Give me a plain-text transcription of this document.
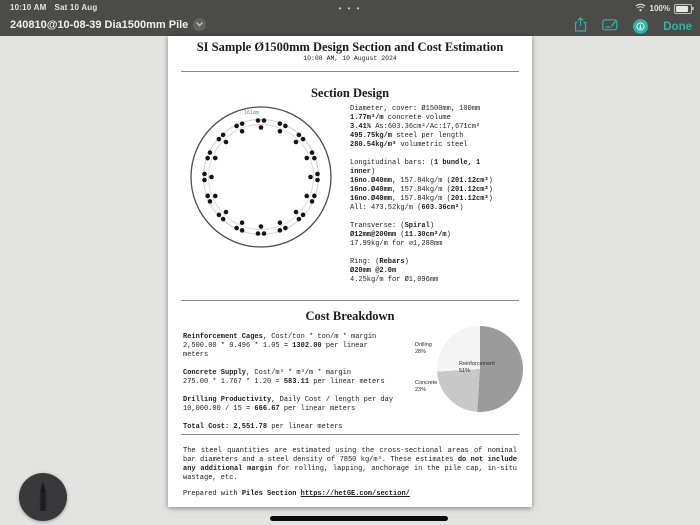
10:10 AM Sat 10 Aug	• • •	100%
240810@10-08-39 Dia1500mm Pile	Done
SI Sample Ø1500mm Design Section and Cost Estimation
10:08 AM, 10 August 2024
Section Design
161mm	Diameter, cover: Ø1500mm, 100mm
1.77m³/m concrete volume
3.41% As:603.36cm²/Ac:17,671cm²
495.75kg/m steel per length
280.54kg/m³ volumetric steel

Longitudinal bars: (1 bundle, 1
inner)
16no.Ø40mm, 157.84kg/m (201.12cm²)
16no.Ø40mm, 157.84kg/m (201.12cm²)
16no.Ø40mm, 157.84kg/m (201.12cm²)
All: 473.52kg/m (603.36cm²)

Transverse: (Spiral)
Ø12mm@200mm (11.30cm²/m)
17.99kg/m for ⌀1,288mm

Ring: (Rebars)
Ø20mm @2.0m
4.25kg/m for Ø1,096mm
Cost Breakdown
Reinforcement Cages, Cost/ton * ton/m * margin
2,500.00 * 0.496 * 1.05 = 1302.00 per linear
meters

Concrete Supply, Cost/m³ * m³/m * margin
275.00 * 1.767 * 1.20 = 583.11 per linear meters

Drilling Productivity, Daily Cost / length per day
10,000.00 / 15 = 666.67 per linear meters

Total Cost: 2,551.78 per linear meters
Drilling
28%
Reinforcement
51%
Concrete
23%
The steel quantities are estimated using the cross-sectional areas of nominal bar diameters and a steel density of 7850 kg/m³. These estimates do not include any additional margin for rolling, lapping, anchorage in the pile cap, in-situ wastage, etc.
Prepared with Piles Section https://hetGE.com/section/
